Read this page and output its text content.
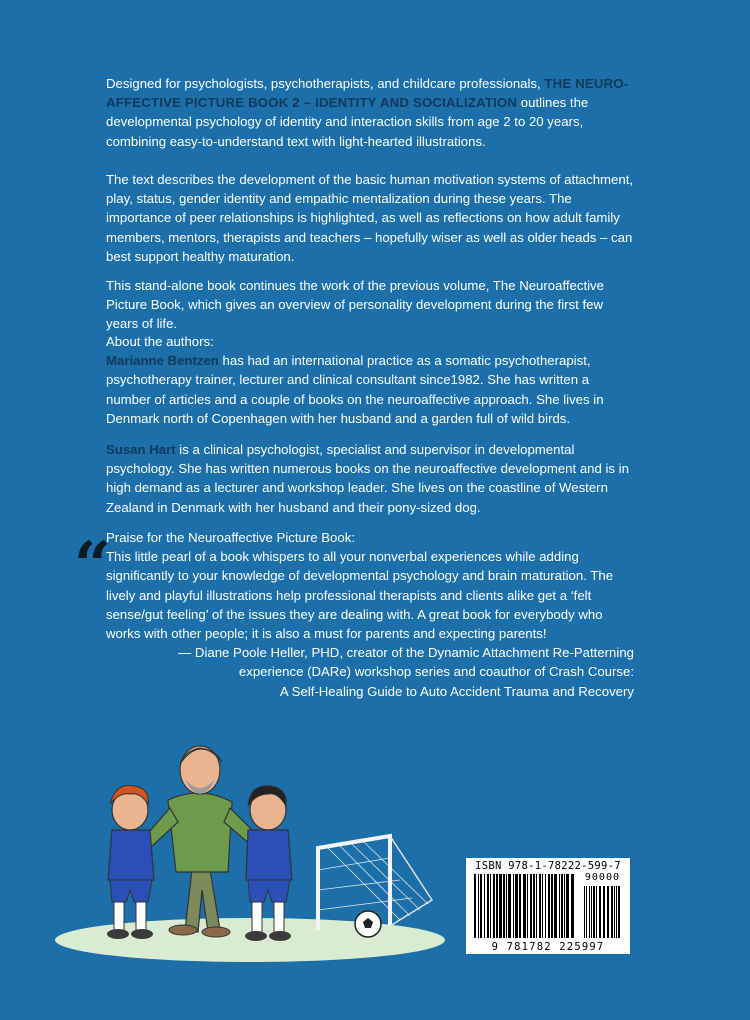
Designed for psychologists, psychotherapists, and childcare professionals, THE NEURO-AFFECTIVE PICTURE BOOK 2 – IDENTITY AND SOCIALIZATION outlines the developmental psychology of identity and interaction skills from age 2 to 20 years, combining easy-to-understand text with light-hearted illustrations.

The text describes the development of the basic human motivation systems of attachment, play, status, gender identity and empathic mentalization during these years. The importance of peer relationships is highlighted, as well as reflections on how adult family members, mentors, therapists and teachers – hopefully wiser as well as older heads – can best support healthy maturation.

This stand-alone book continues the work of the previous volume, The Neuroaffective Picture Book, which gives an overview of personality development during the first few years of life.

About the authors:

Marianne Bentzen has had an international practice as a somatic psychotherapist, psychotherapy trainer, lecturer and clinical consultant since1982. She has written a number of articles and a couple of books on the neuroaffective approach. She lives in Denmark north of Copenhagen with her husband and a garden full of wild birds.

Susan Hart is a clinical psychologist, specialist and supervisor in developmental psychology. She has written numerous books on the neuroaffective development and is in high demand as a lecturer and workshop leader. She lives on the coastline of Western Zealand in Denmark with her husband and their pony-sized dog.

“

Praise for the Neuroaffective Picture Book:

This little pearl of a book whispers to all your nonverbal experiences while adding significantly to your knowledge of developmental psychology and brain maturation. The lively and playful illustrations help professional therapists and clients alike get a ‘felt sense/gut feeling’ of the issues they are dealing with. A great book for everybody who works with other people; it is also a must for parents and expecting parents!

— Diane Poole Heller, PHD, creator of the Dynamic Attachment Re-Patterning

experience (DARe) workshop series and coauthor of Crash Course:

A Self-Healing Guide to Auto Accident Trauma and Recovery

ISBN 978-1-78222-599-7
90000
9 781782 225997
